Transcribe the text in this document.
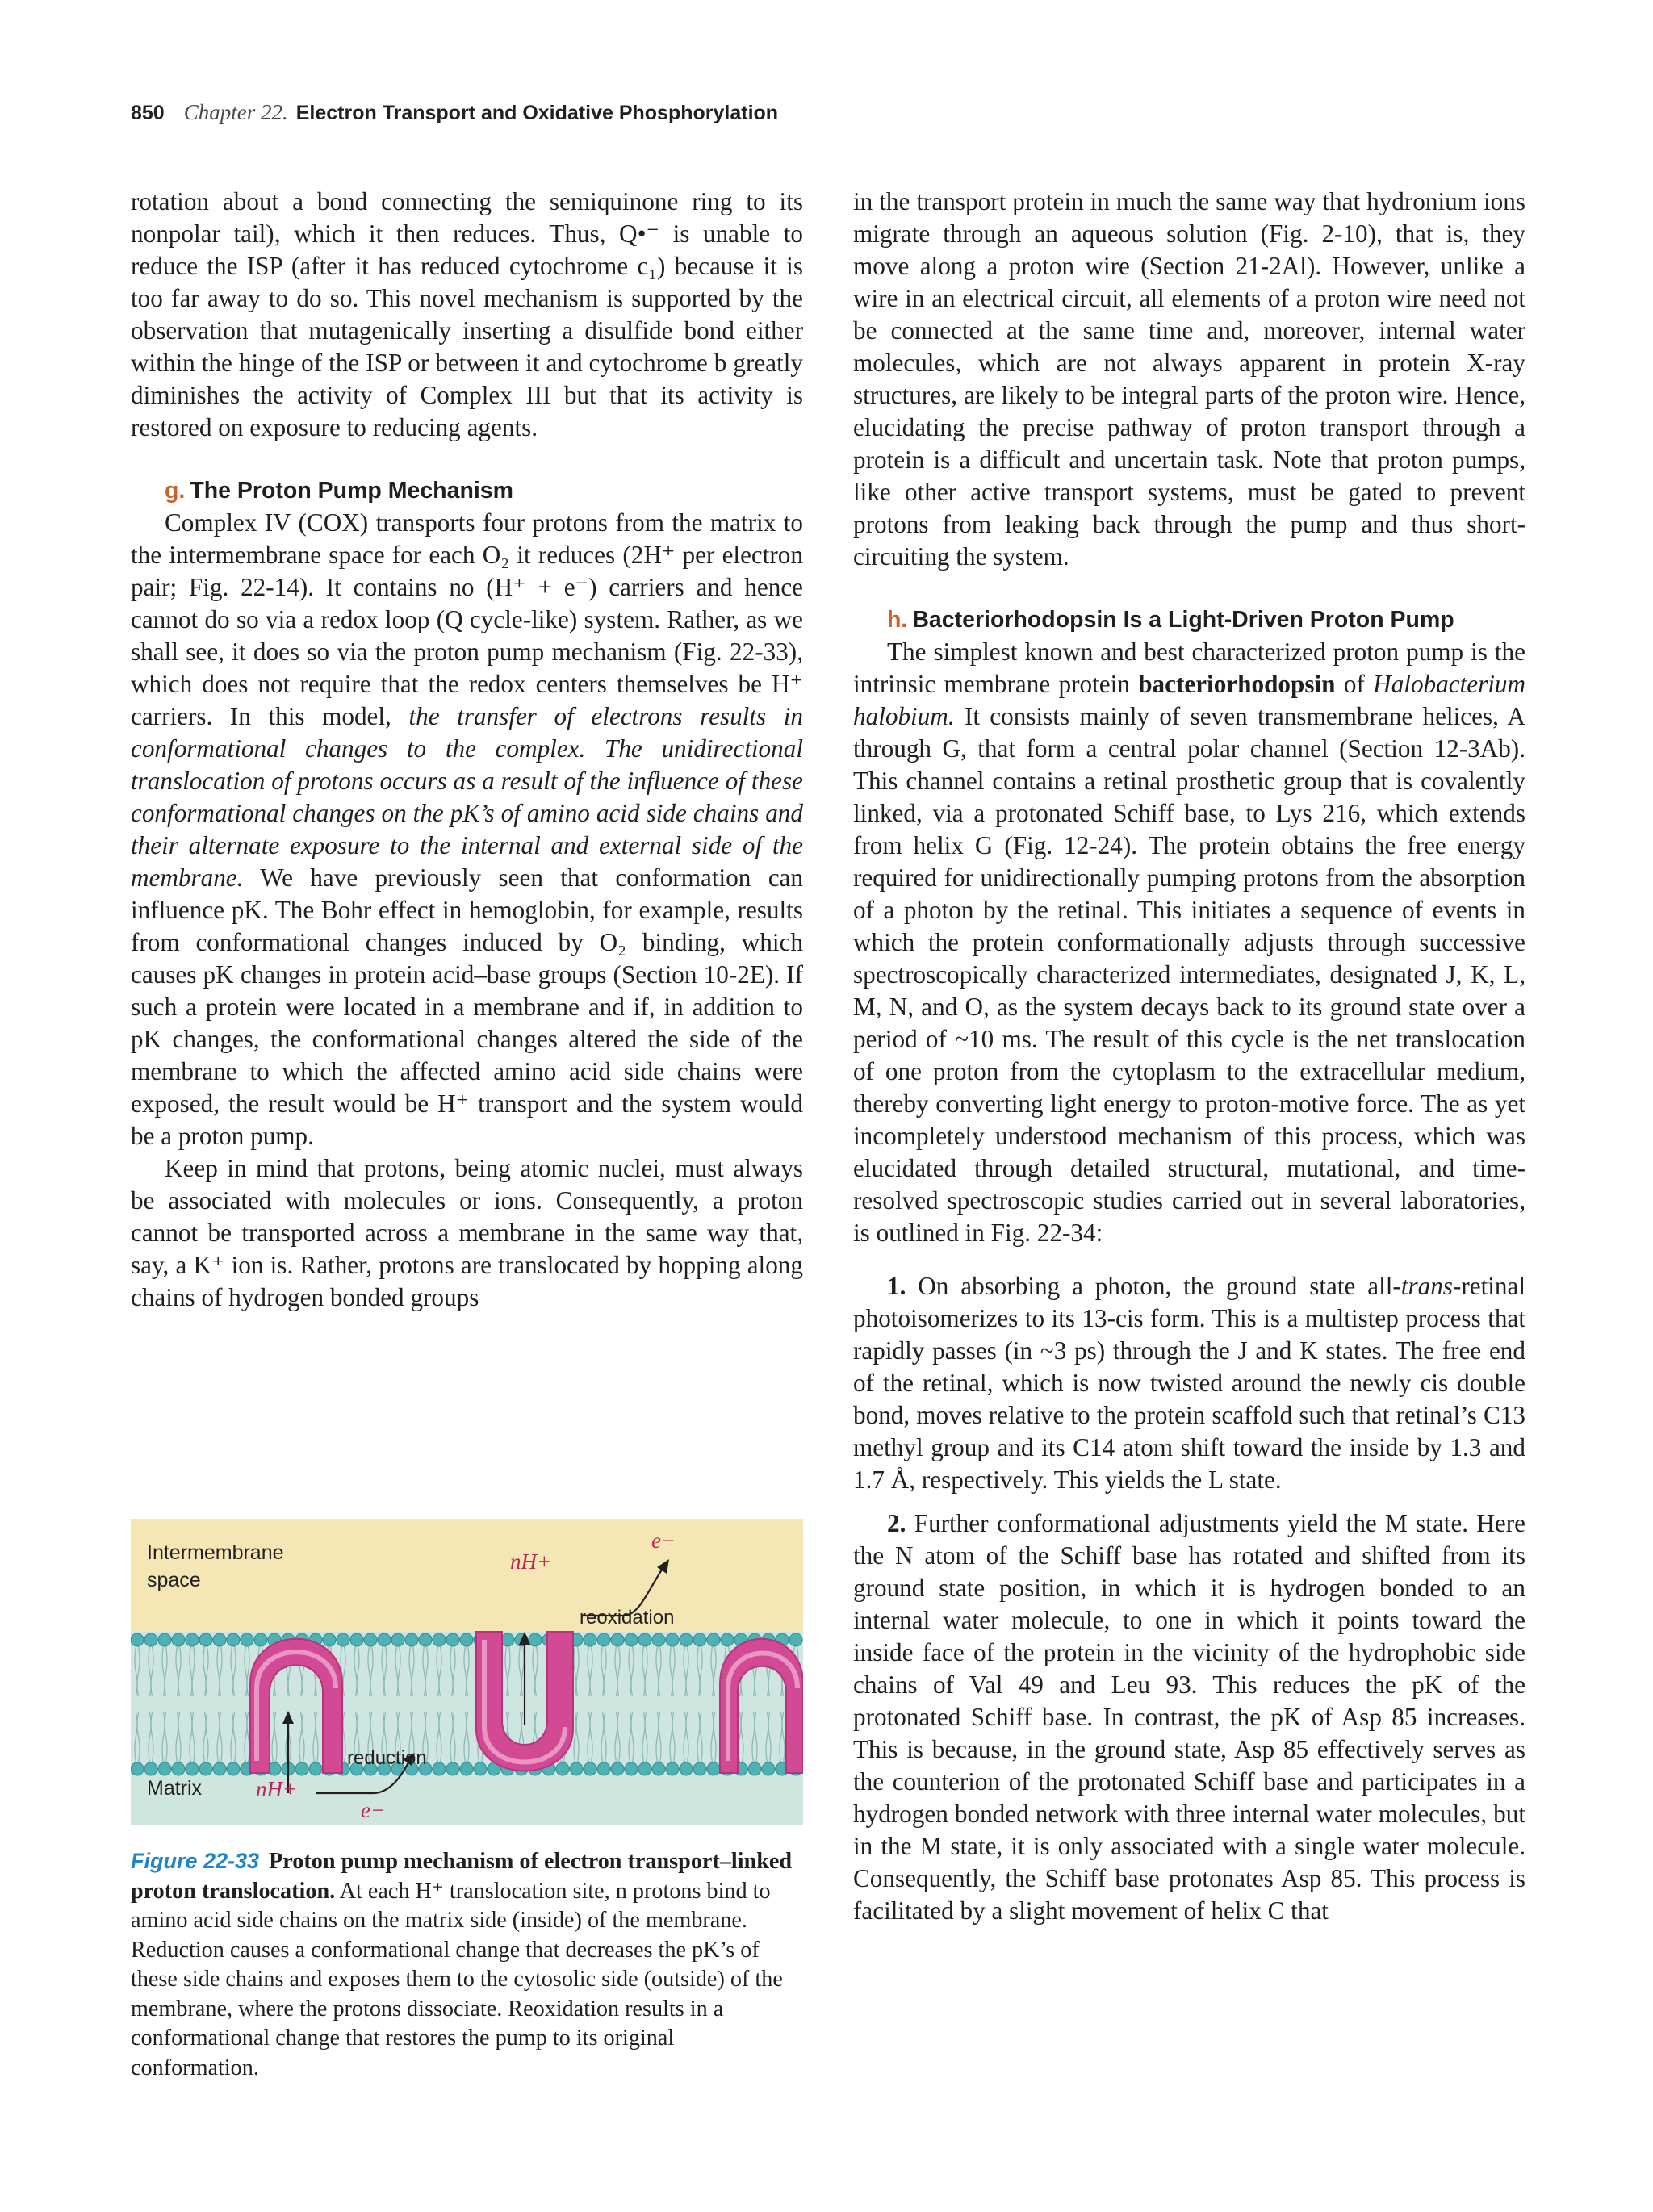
850 Chapter 22. Electron Transport and Oxidative Phosphorylation

rotation about a bond connecting the semiquinone ring to its nonpolar tail), which it then reduces. Thus, Q•⁻ is unable to reduce the ISP (after it has reduced cytochrome c₁) because it is too far away to do so. This novel mechanism is supported by the observation that mutagenically inserting a disulfide bond either within the hinge of the ISP or between it and cytochrome b greatly diminishes the activity of Complex III but that its activity is restored on exposure to reducing agents.

g. The Proton Pump Mechanism

Complex IV (COX) transports four protons from the matrix to the intermembrane space for each O₂ it reduces (2H⁺ per electron pair; Fig. 22-14). It contains no (H⁺ + e⁻) carriers and hence cannot do so via a redox loop (Q cycle-like) system. Rather, as we shall see, it does so via the proton pump mechanism (Fig. 22-33), which does not require that the redox centers themselves be H⁺ carriers. In this model, the transfer of electrons results in conformational changes to the complex. The unidirectional translocation of protons occurs as a result of the influence of these conformational changes on the pK’s of amino acid side chains and their alternate exposure to the internal and external side of the membrane. We have previously seen that conformation can influence pK. The Bohr effect in hemoglobin, for example, results from conformational changes induced by O₂ binding, which causes pK changes in protein acid–base groups (Section 10-2E). If such a protein were located in a membrane and if, in addition to pK changes, the conformational changes altered the side of the membrane to which the affected amino acid side chains were exposed, the result would be H⁺ transport and the system would be a proton pump.

Keep in mind that protons, being atomic nuclei, must always be associated with molecules or ions. Consequently, a proton cannot be transported across a membrane in the same way that, say, a K⁺ ion is. Rather, protons are translocated by hopping along chains of hydrogen bonded groups

Intermembrane
space
Matrix
reoxidation
reduction
nH+
nH+
e−
e−
Figure 22-33 Proton pump mechanism of electron transport–linked proton translocation. At each H⁺ translocation site, n protons bind to amino acid side chains on the matrix side (inside) of the membrane. Reduction causes a conformational change that decreases the pK’s of these side chains and exposes them to the cytosolic side (outside) of the membrane, where the protons dissociate. Reoxidation results in a conformational change that restores the pump to its original conformation.

in the transport protein in much the same way that hydronium ions migrate through an aqueous solution (Fig. 2-10), that is, they move along a proton wire (Section 21-2Al). However, unlike a wire in an electrical circuit, all elements of a proton wire need not be connected at the same time and, moreover, internal water molecules, which are not always apparent in protein X-ray structures, are likely to be integral parts of the proton wire. Hence, elucidating the precise pathway of proton transport through a protein is a difficult and uncertain task. Note that proton pumps, like other active transport systems, must be gated to prevent protons from leaking back through the pump and thus short-circuiting the system.

h. Bacteriorhodopsin Is a Light-Driven Proton Pump

The simplest known and best characterized proton pump is the intrinsic membrane protein bacteriorhodopsin of Halobacterium halobium. It consists mainly of seven transmembrane helices, A through G, that form a central polar channel (Section 12-3Ab). This channel contains a retinal prosthetic group that is covalently linked, via a protonated Schiff base, to Lys 216, which extends from helix G (Fig. 12-24). The protein obtains the free energy required for unidirectionally pumping protons from the absorption of a photon by the retinal. This initiates a sequence of events in which the protein conformationally adjusts through successive spectroscopically characterized intermediates, designated J, K, L, M, N, and O, as the system decays back to its ground state over a period of ~10 ms. The result of this cycle is the net translocation of one proton from the cytoplasm to the extracellular medium, thereby converting light energy to proton-motive force. The as yet incompletely understood mechanism of this process, which was elucidated through detailed structural, mutational, and time-resolved spectroscopic studies carried out in several laboratories, is outlined in Fig. 22-34:

1. On absorbing a photon, the ground state all-trans-retinal photoisomerizes to its 13-cis form. This is a multistep process that rapidly passes (in ~3 ps) through the J and K states. The free end of the retinal, which is now twisted around the newly cis double bond, moves relative to the protein scaffold such that retinal’s C13 methyl group and its C14 atom shift toward the inside by 1.3 and 1.7 Å, respectively. This yields the L state.

2. Further conformational adjustments yield the M state. Here the N atom of the Schiff base has rotated and shifted from its ground state position, in which it is hydrogen bonded to an internal water molecule, to one in which it points toward the inside face of the protein in the vicinity of the hydrophobic side chains of Val 49 and Leu 93. This reduces the pK of the protonated Schiff base. In contrast, the pK of Asp 85 increases. This is because, in the ground state, Asp 85 effectively serves as the counterion of the protonated Schiff base and participates in a hydrogen bonded network with three internal water molecules, but in the M state, it is only associated with a single water molecule. Consequently, the Schiff base protonates Asp 85. This process is facilitated by a slight movement of helix C that
